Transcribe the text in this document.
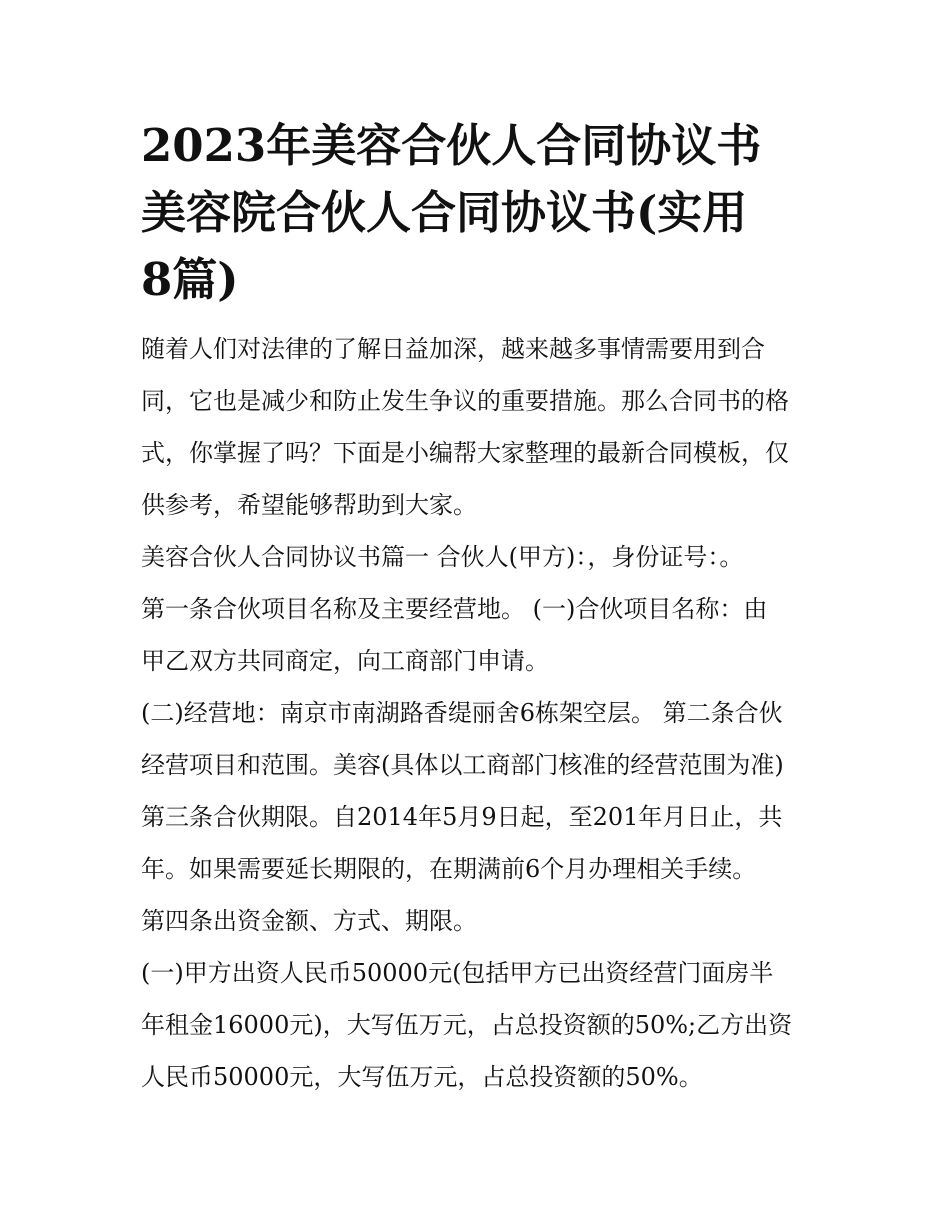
2023年美容合伙人合同协议书
美容院合伙人合同协议书(实用
8篇)
随着人们对法律的了解日益加深，越来越多事情需要用到合
同，它也是减少和防止发生争议的重要措施。那么合同书的格
式，你掌握了吗？下面是小编帮大家整理的最新合同模板，仅
供参考，希望能够帮助到大家。
美容合伙人合同协议书篇一 合伙人(甲方)：，身份证号：。
第一条合伙项目名称及主要经营地。 (一)合伙项目名称：由
甲乙双方共同商定，向工商部门申请。
(二)经营地：南京市南湖路香缇丽舍6栋架空层。 第二条合伙
经营项目和范围。美容(具体以工商部门核准的经营范围为准)
第三条合伙期限。自2014年5月9日起，至201年月日止，共
年。如果需要延长期限的，在期满前6个月办理相关手续。
第四条出资金额、方式、期限。
(一)甲方出资人民币50000元(包括甲方已出资经营门面房半
年租金16000元)，大写伍万元，占总投资额的50%;乙方出资
人民币50000元，大写伍万元，占总投资额的50%。
